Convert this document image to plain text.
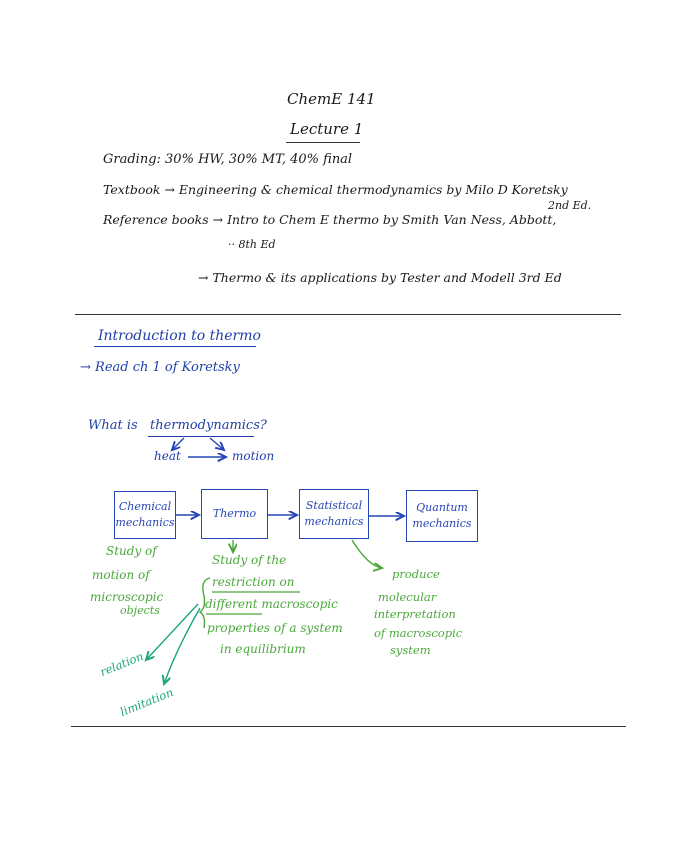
ChemE 141
Lecture 1
Grading: 30% HW, 30% MT, 40% final
Textbook → Engineering & chemical thermodynamics by Milo D Koretsky
2nd Ed.
Reference books → Intro to Chem E thermo by Smith Van Ness, Abbott,
·· 8th Ed
→ Thermo & its applications by Tester and Modell 3rd Ed
Introduction to thermo
→ Read ch 1 of Koretsky
What is thermodynamics?
heat	motion
Chemical
mechanics
Thermo
Statistical
mechanics
Quantum
mechanics
Study of
motion of
microscopic
objects
Study of the
restriction on
different macroscopic
properties of a system
in equilibrium
produce
molecular
interpretation
of macroscopic
system
relation
limitation
